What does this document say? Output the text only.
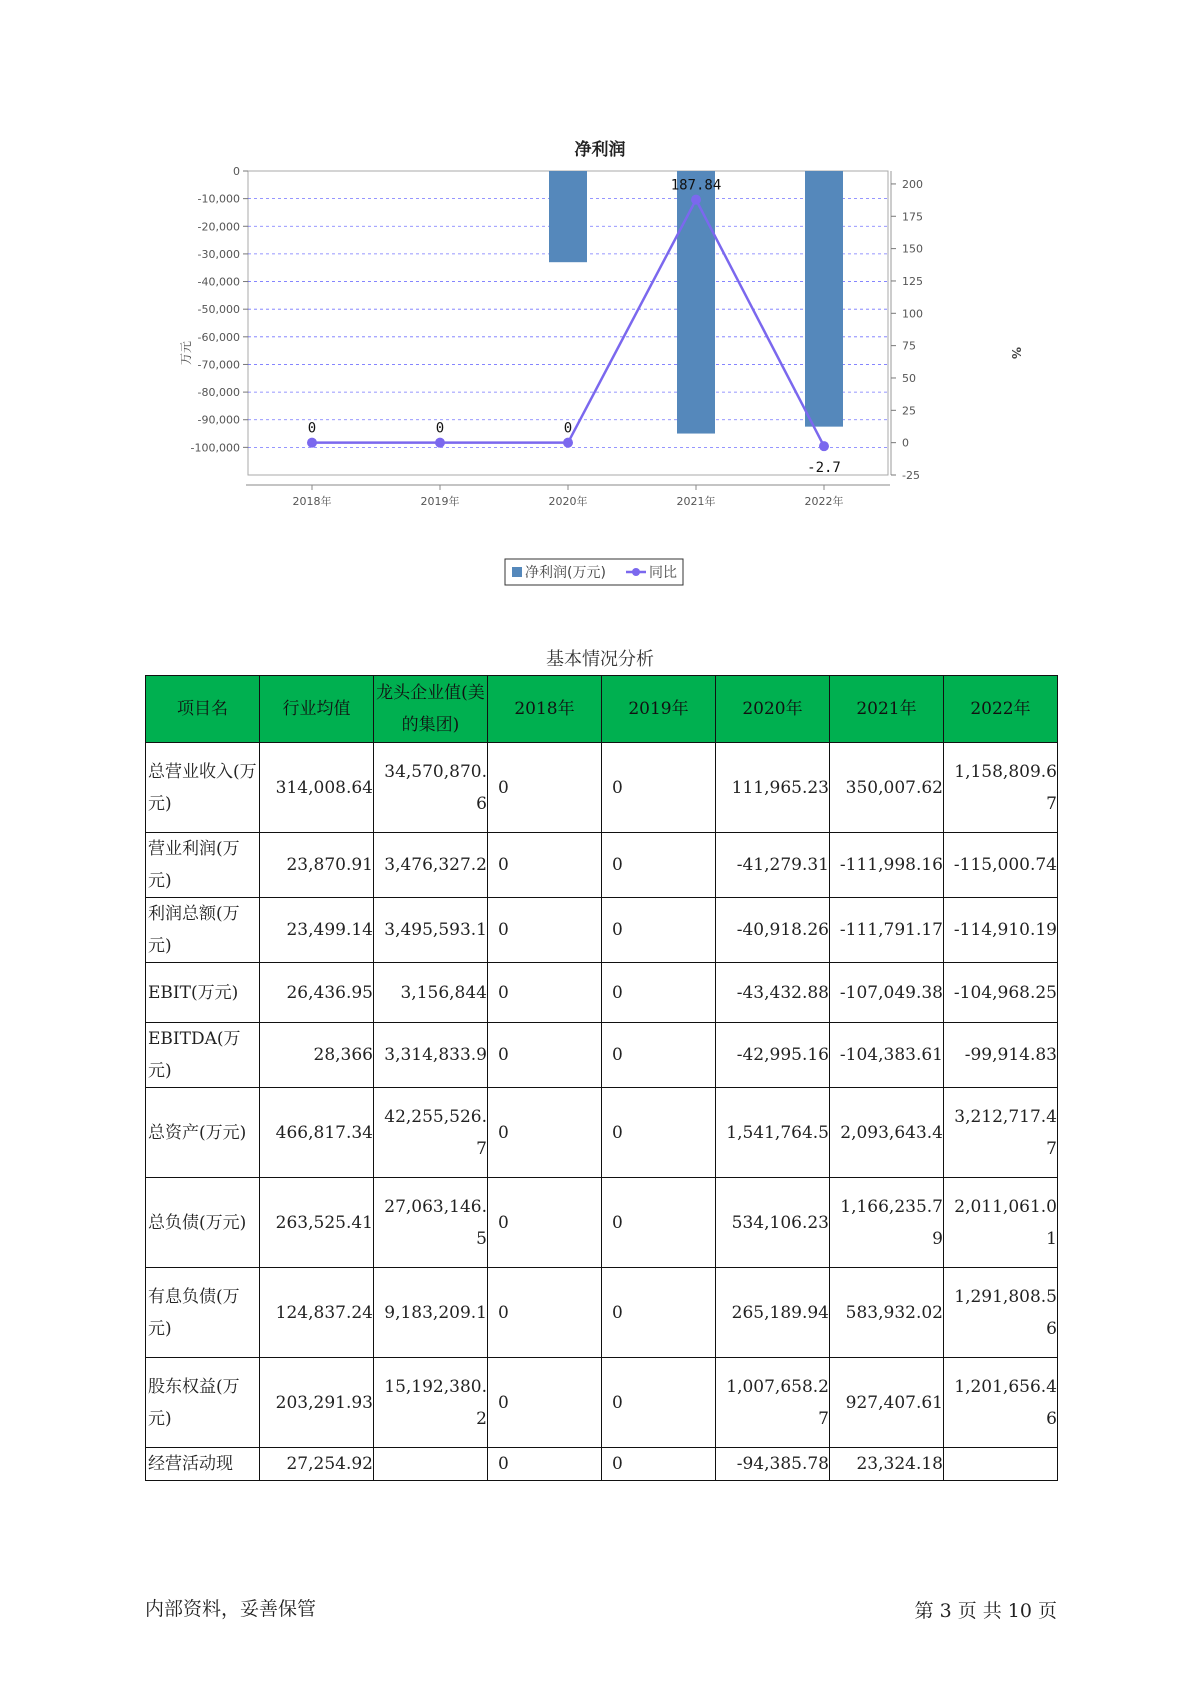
净利润
0	0	0
187.84
-2.7
0
-10,000
-20,000
-30,000
-40,000
-50,000
-60,000
-70,000
-80,000
-90,000
-100,000
200
175
150
125
100
75
50
25
0
-25
2018年	2019年	2020年	2021年	2022年
万元	%
净利润(万元)	同比
基本情况分析
项目名	行业均值	龙头企业值(美的集团)	2018年	2019年	2020年	2021年	2022年
总营业收入(万元)	314,008.64	34,570,870.6	0	0	111,965.23	350,007.62	1,158,809.67
营业利润(万元)	23,870.91	3,476,327.2	0	0	-41,279.31	-111,998.16	-115,000.74
利润总额(万元)	23,499.14	3,495,593.1	0	0	-40,918.26	-111,791.17	-114,910.19
EBIT(万元)	26,436.95	3,156,844	0	0	-43,432.88	-107,049.38	-104,968.25
EBITDA(万元)	28,366	3,314,833.9	0	0	-42,995.16	-104,383.61	-99,914.83
总资产(万元)	466,817.34	42,255,526.7	0	0	1,541,764.5	2,093,643.4	3,212,717.47
总负债(万元)	263,525.41	27,063,146.5	0	0	534,106.23	1,166,235.79	2,011,061.01
有息负债(万元)	124,837.24	9,183,209.1	0	0	265,189.94	583,932.02	1,291,808.56
股东权益(万元)	203,291.93	15,192,380.2	0	0	1,007,658.27	927,407.61	1,201,656.46
经营活动现	27,254.92		0	0	-94,385.78	23,324.18	
内部资料，妥善保管	第 3 页 共 10 页
